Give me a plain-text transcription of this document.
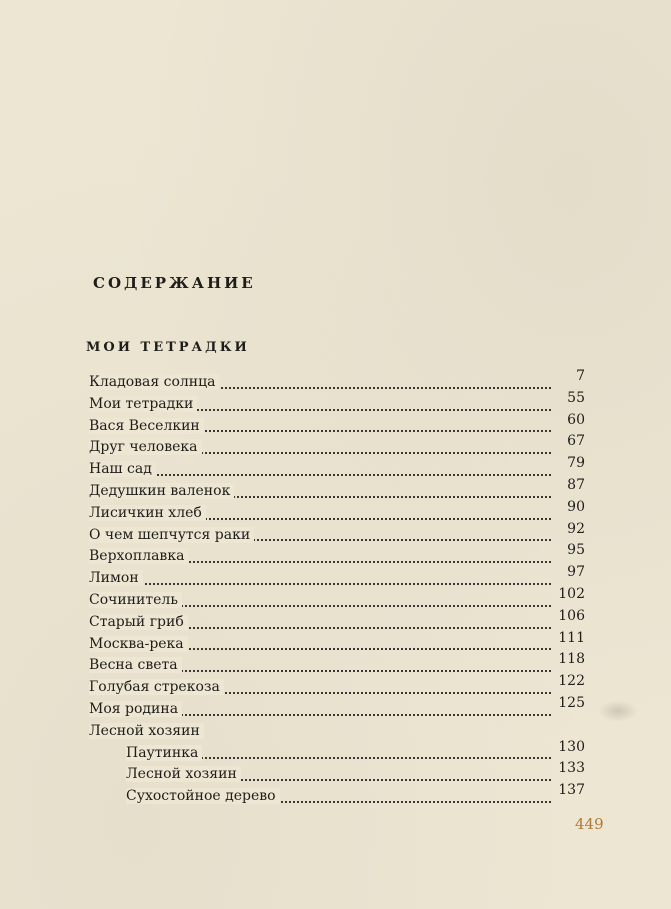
СОДЕРЖАНИЕ
МОИ ТЕТРАДКИ
Кладовая солнца	7
Мои тетрадки	55
Вася Веселкин	60
Друг человека	67
Наш сад	79
Дедушкин валенок	87
Лисичкин хлеб	90
О чем шепчутся раки	92
Верхоплавка	95
Лимон	97
Сочинитель	102
Старый гриб	106
Москва-река	111
Весна света	118
Голубая стрекоза	122
Моя родина	125
Лесной хозяин
Паутинка	130
Лесной хозяин	133
Сухостойное дерево	137
449
